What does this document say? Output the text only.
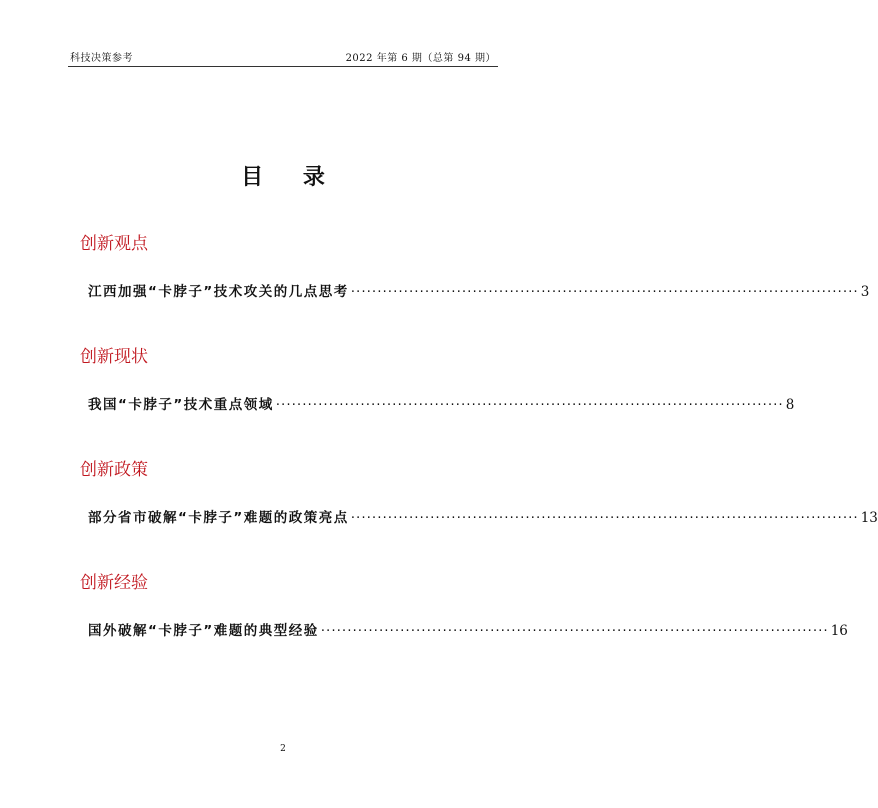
科技决策参考	2022 年第 6 期（总第 94 期）
目 录
创新观点
江西加强“卡脖子”技术攻关的几点思考 ································································································ 3
创新现状
我国“卡脖子”技术重点领域 ································································································ 8
创新政策
部分省市破解“卡脖子”难题的政策亮点 ································································································ 13
创新经验
国外破解“卡脖子”难题的典型经验 ································································································ 16
2
